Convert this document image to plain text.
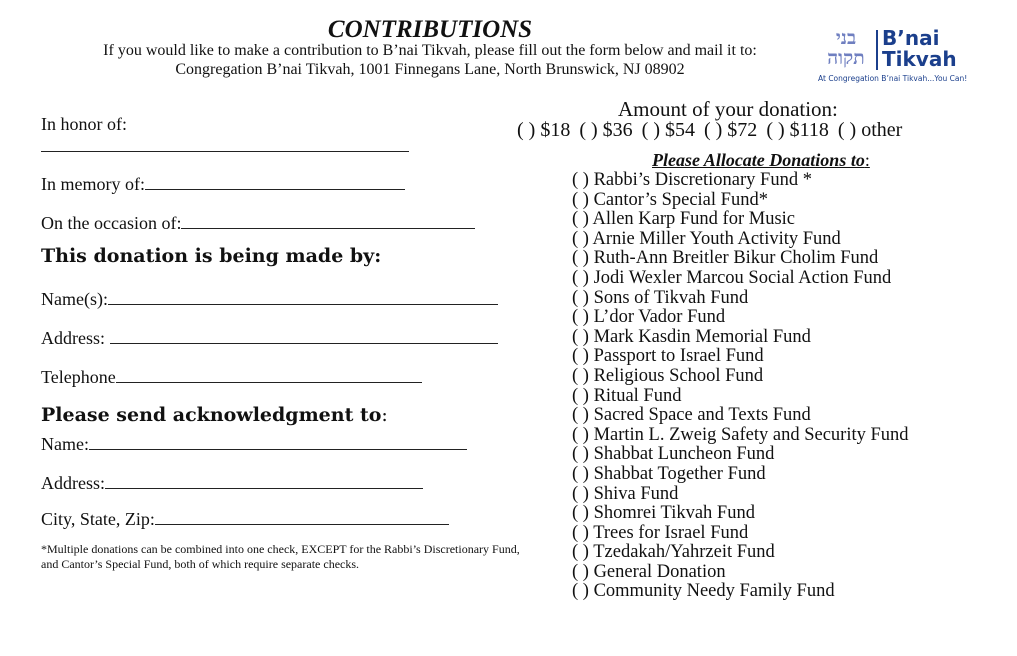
CONTRIBUTIONS
If you would like to make a contribution to B’nai Tikvah, please fill out the form below and mail it to:
Congregation B’nai Tikvah, 1001 Finnegans Lane, North Brunswick, NJ 08902
בני
תקוה
B’nai
Tikvah
At Congregation B’nai Tikvah...You Can!
In honor of:
In memory of:
On the occasion of:
This donation is being made by:
Name(s):
Address:
Telephone
Please send acknowledgment to:
Name:
Address:
City, State, Zip:
*Multiple donations can be combined into one check, EXCEPT for the Rabbi’s Discretionary Fund, and Cantor’s Special Fund, both of which require separate checks.
Amount of your donation:
( ) $18 ( ) $36 ( ) $54 ( ) $72 ( ) $118 ( ) other
Please Allocate Donations to:
( ) Rabbi’s Discretionary Fund *
( ) Cantor’s Special Fund*
( ) Allen Karp Fund for Music
( ) Arnie Miller Youth Activity Fund
( ) Ruth-Ann Breitler Bikur Cholim Fund
( ) Jodi Wexler Marcou Social Action Fund
( ) Sons of Tikvah Fund
( ) L’dor Vador Fund
( ) Mark Kasdin Memorial Fund
( ) Passport to Israel Fund
( ) Religious School Fund
( ) Ritual Fund
( ) Sacred Space and Texts Fund
( ) Martin L. Zweig Safety and Security Fund
( ) Shabbat Luncheon Fund
( ) Shabbat Together Fund
( ) Shiva Fund
( ) Shomrei Tikvah Fund
( ) Trees for Israel Fund
( ) Tzedakah/Yahrzeit Fund
( ) General Donation
( ) Community Needy Family Fund
